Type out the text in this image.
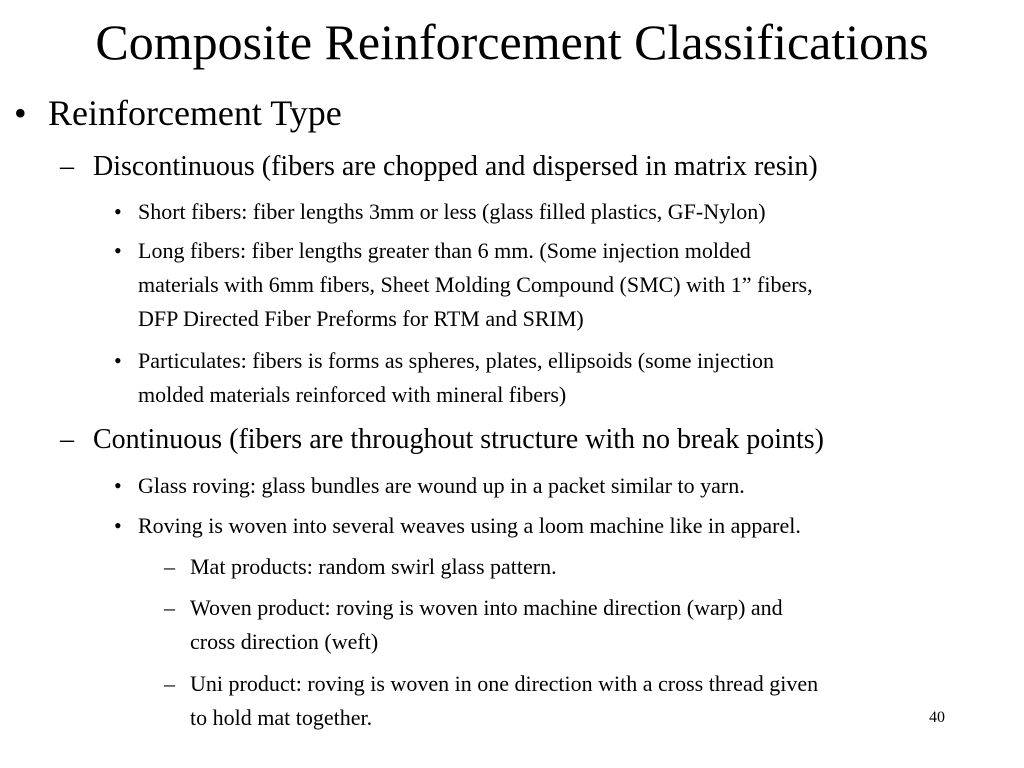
Composite Reinforcement Classifications
• Reinforcement Type
– Discontinuous (fibers are chopped and dispersed in matrix resin)
• Short fibers: fiber lengths 3mm or less (glass filled plastics, GF-Nylon)
• Long fibers: fiber lengths greater than 6 mm. (Some injection molded
materials with 6mm fibers, Sheet Molding Compound (SMC) with 1” fibers,
DFP Directed Fiber Preforms for RTM and SRIM)
• Particulates: fibers is forms as spheres, plates, ellipsoids (some injection
molded materials reinforced with mineral fibers)
– Continuous (fibers are throughout structure with no break points)
• Glass roving: glass bundles are wound up in a packet similar to yarn.
• Roving is woven into several weaves using a loom machine like in apparel.
– Mat products: random swirl glass pattern.
– Woven product: roving is woven into machine direction (warp) and
cross direction (weft)
– Uni product: roving is woven in one direction with a cross thread given
to hold mat together.	40
